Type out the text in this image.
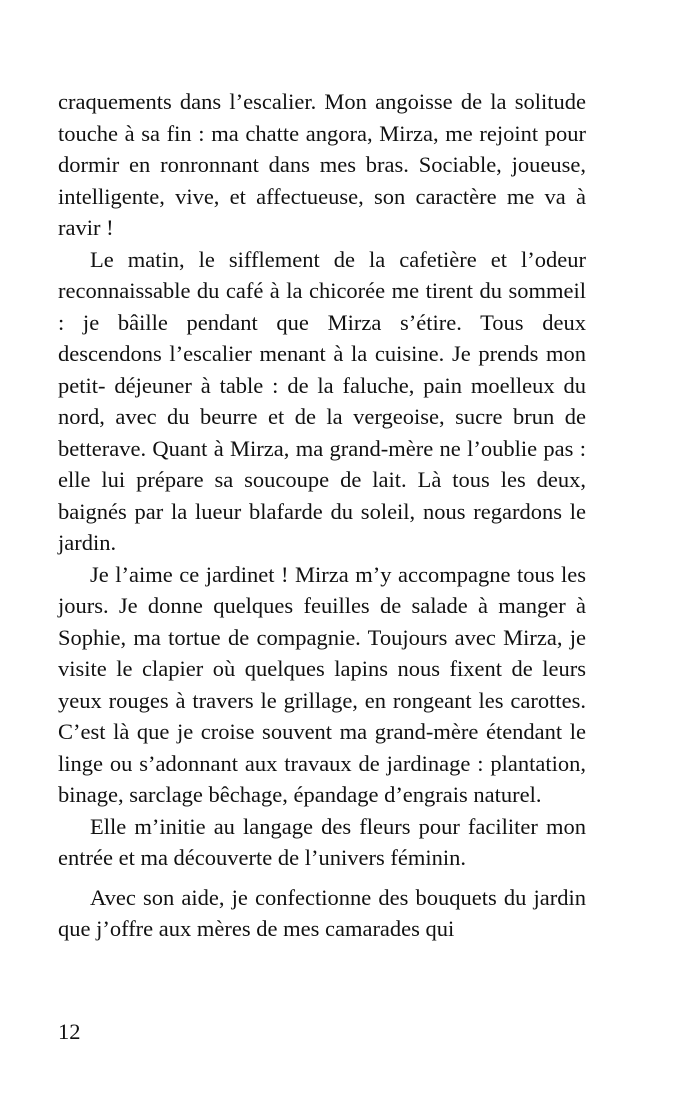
craquements dans l’escalier. Mon angoisse de la solitude touche à sa fin : ma chatte angora, Mirza, me rejoint pour dormir en ronronnant dans mes bras. Sociable, joueuse, intelligente, vive, et affectueuse, son caractère me va à ravir !

Le matin, le sifflement de la cafetière et l’odeur reconnaissable du café à la chicorée me tirent du sommeil : je bâille pendant que Mirza s’étire. Tous deux descendons l’escalier menant à la cuisine. Je prends mon petit- déjeuner à table : de la faluche, pain moelleux du nord, avec du beurre et de la vergeoise, sucre brun de betterave. Quant à Mirza, ma grand-mère ne l’oublie pas : elle lui prépare sa soucoupe de lait. Là tous les deux, baignés par la lueur blafarde du soleil, nous regardons le jardin.

Je l’aime ce jardinet ! Mirza m’y accompagne tous les jours. Je donne quelques feuilles de salade à manger à Sophie, ma tortue de compagnie. Toujours avec Mirza, je visite le clapier où quelques lapins nous fixent de leurs yeux rouges à travers le grillage, en rongeant les carottes. C’est là que je croise souvent ma grand-mère étendant le linge ou s’adonnant aux travaux de jardinage : plantation, binage, sarclage bêchage, épandage d’engrais naturel.

Elle m’initie au langage des fleurs pour faciliter mon entrée et ma découverte de l’univers féminin.

Avec son aide, je confectionne des bouquets du jardin que j’offre aux mères de mes camarades qui

12
